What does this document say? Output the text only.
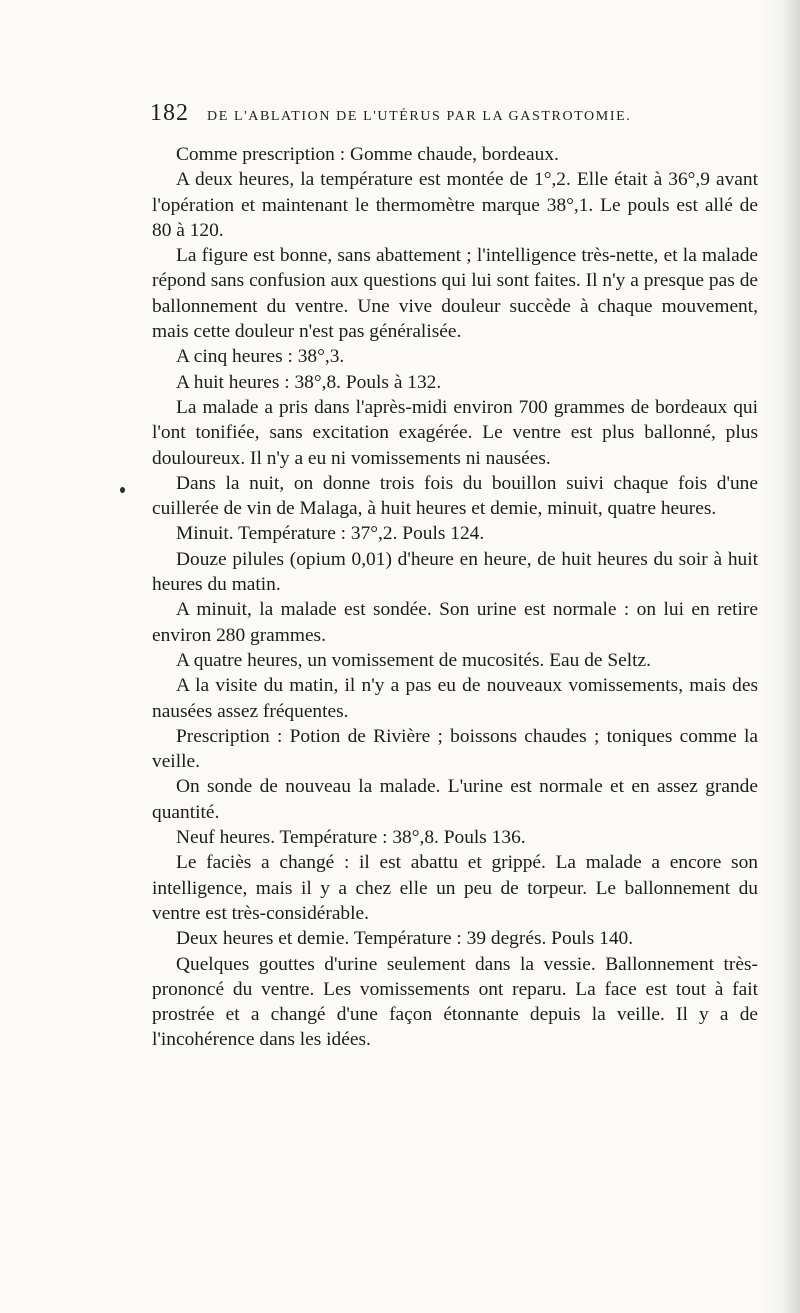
182 DE L'ABLATION DE L'UTÉRUS PAR LA GASTROTOMIE.

Comme prescription : Gomme chaude, bordeaux.

A deux heures, la température est montée de 1°,2. Elle était à 36°,9 avant l'opération et maintenant le thermomètre marque 38°,1. Le pouls est allé de 80 à 120.

La figure est bonne, sans abattement ; l'intelligence très-nette, et la malade répond sans confusion aux questions qui lui sont faites. Il n'y a presque pas de ballonnement du ventre. Une vive douleur succède à chaque mouvement, mais cette douleur n'est pas généralisée.

A cinq heures : 38°,3.

A huit heures : 38°,8. Pouls à 132.

La malade a pris dans l'après-midi environ 700 grammes de bordeaux qui l'ont tonifiée, sans excitation exagérée. Le ventre est plus ballonné, plus douloureux. Il n'y a eu ni vomissements ni nausées.

Dans la nuit, on donne trois fois du bouillon suivi chaque fois d'une cuillerée de vin de Malaga, à huit heures et demie, minuit, quatre heures.

Minuit. Température : 37°,2. Pouls 124.

Douze pilules (opium 0,01) d'heure en heure, de huit heures du soir à huit heures du matin.

A minuit, la malade est sondée. Son urine est normale : on lui en retire environ 280 grammes.

A quatre heures, un vomissement de mucosités. Eau de Seltz.

A la visite du matin, il n'y a pas eu de nouveaux vomissements, mais des nausées assez fréquentes.

Prescription : Potion de Rivière ; boissons chaudes ; toniques comme la veille.

On sonde de nouveau la malade. L'urine est normale et en assez grande quantité.

Neuf heures. Température : 38°,8. Pouls 136.

Le faciès a changé : il est abattu et grippé. La malade a encore son intelligence, mais il y a chez elle un peu de torpeur. Le ballonnement du ventre est très-considérable.

Deux heures et demie. Température : 39 degrés. Pouls 140.

Quelques gouttes d'urine seulement dans la vessie. Ballonnement très-prononcé du ventre. Les vomissements ont reparu. La face est tout à fait prostrée et a changé d'une façon étonnante depuis la veille. Il y a de l'incohérence dans les idées.
